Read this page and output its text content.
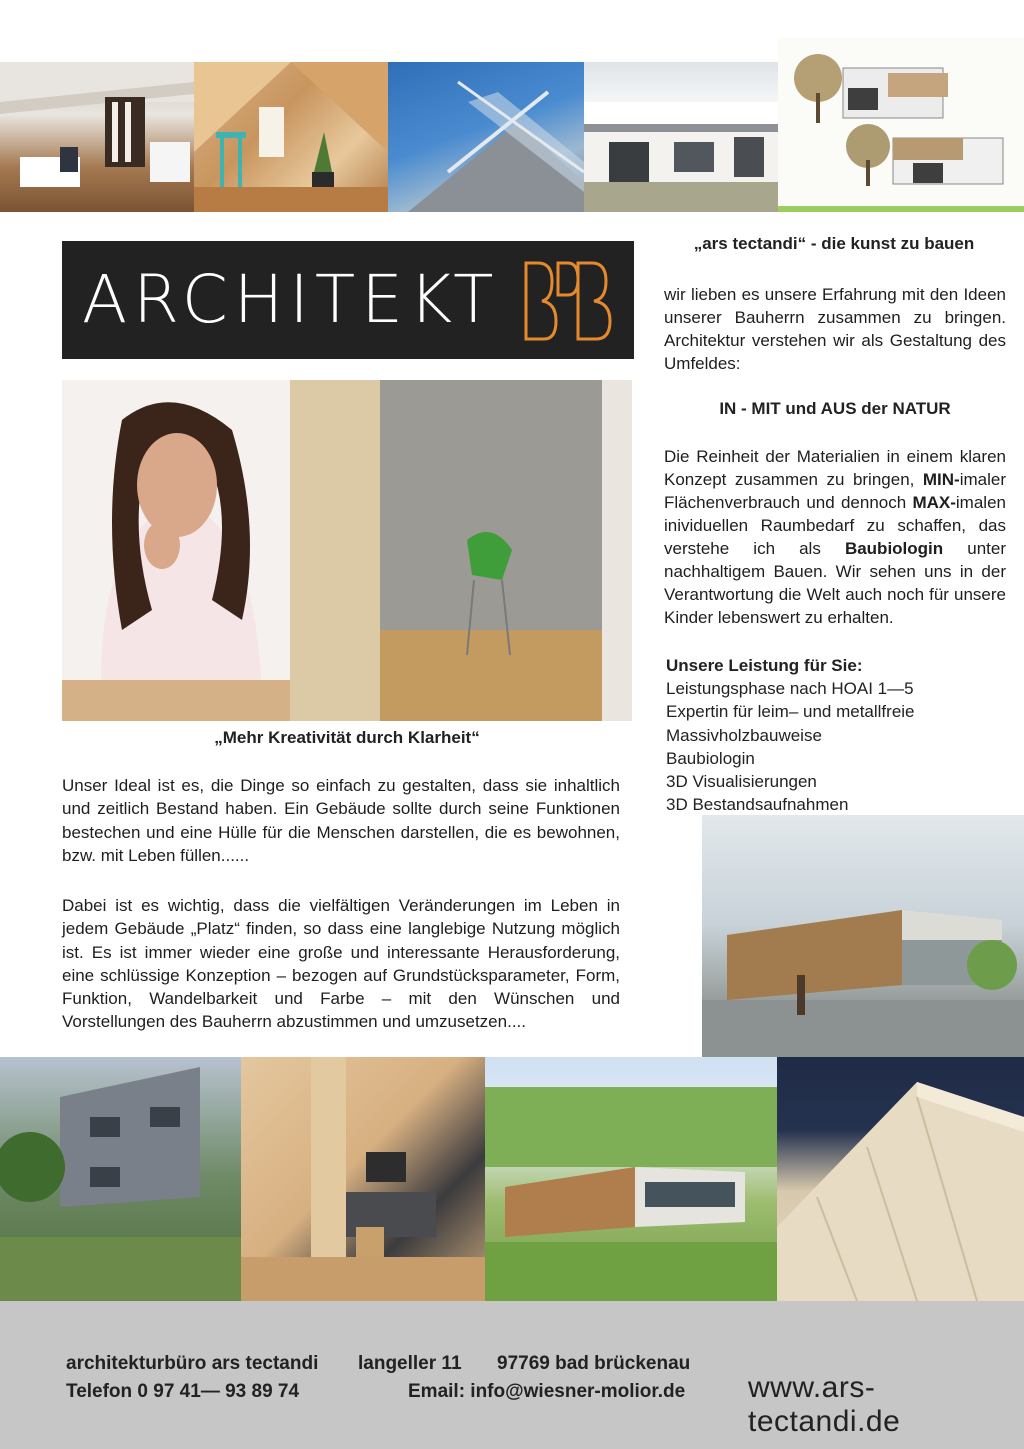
ARCHITEKT
„Mehr Kreativität durch Klarheit“
Unser Ideal ist es, die Dinge so einfach zu gestalten, dass sie inhaltlich und zeitlich Bestand haben. Ein Gebäude sollte durch seine Funktionen bestechen und eine Hülle für die Menschen darstellen, die es bewohnen, bzw. mit Leben füllen......
Dabei ist es wichtig, dass die vielfältigen Veränderungen im Leben in jedem Gebäude „Platz“ finden, so dass eine langlebige Nutzung möglich ist. Es ist immer wieder eine große und interessante Herausforderung, eine schlüssige Konzeption – bezogen auf Grundstücksparameter, Form, Funktion, Wandelbarkeit und Farbe – mit den Wünschen und Vorstellungen des Bauherrn abzustimmen und umzusetzen....
„ars tectandi“ - die kunst zu bauen
wir lieben es unsere Erfahrung mit den Ideen unserer Bauherrn zusammen zu bringen. Architektur verstehen wir als Gestaltung des Umfeldes:
IN - MIT und AUS der NATUR
Die Reinheit der Materialien in einem klaren Konzept zusammen zu bringen, MIN-imaler Flächenverbrauch und dennoch MAX-imalen inividuellen Raumbedarf zu schaffen, das verstehe ich als Baubiologin unter nachhaltigem Bauen. Wir sehen uns in der Verantwortung die Welt auch noch für unsere Kinder lebenswert zu erhalten.
Unsere Leistung für Sie:
Leistungsphase nach HOAI 1—5
Expertin für leim– und metallfreie
Massivholzbauweise
Baubiologin
3D Visualisierungen
3D Bestandsaufnahmen
architekturbüro ars tectandi langeller 11 97769 bad brückenau
Telefon 0 97 41— 93 89 74	Email: info@wiesner-molior.de www.ars-tectandi.de
